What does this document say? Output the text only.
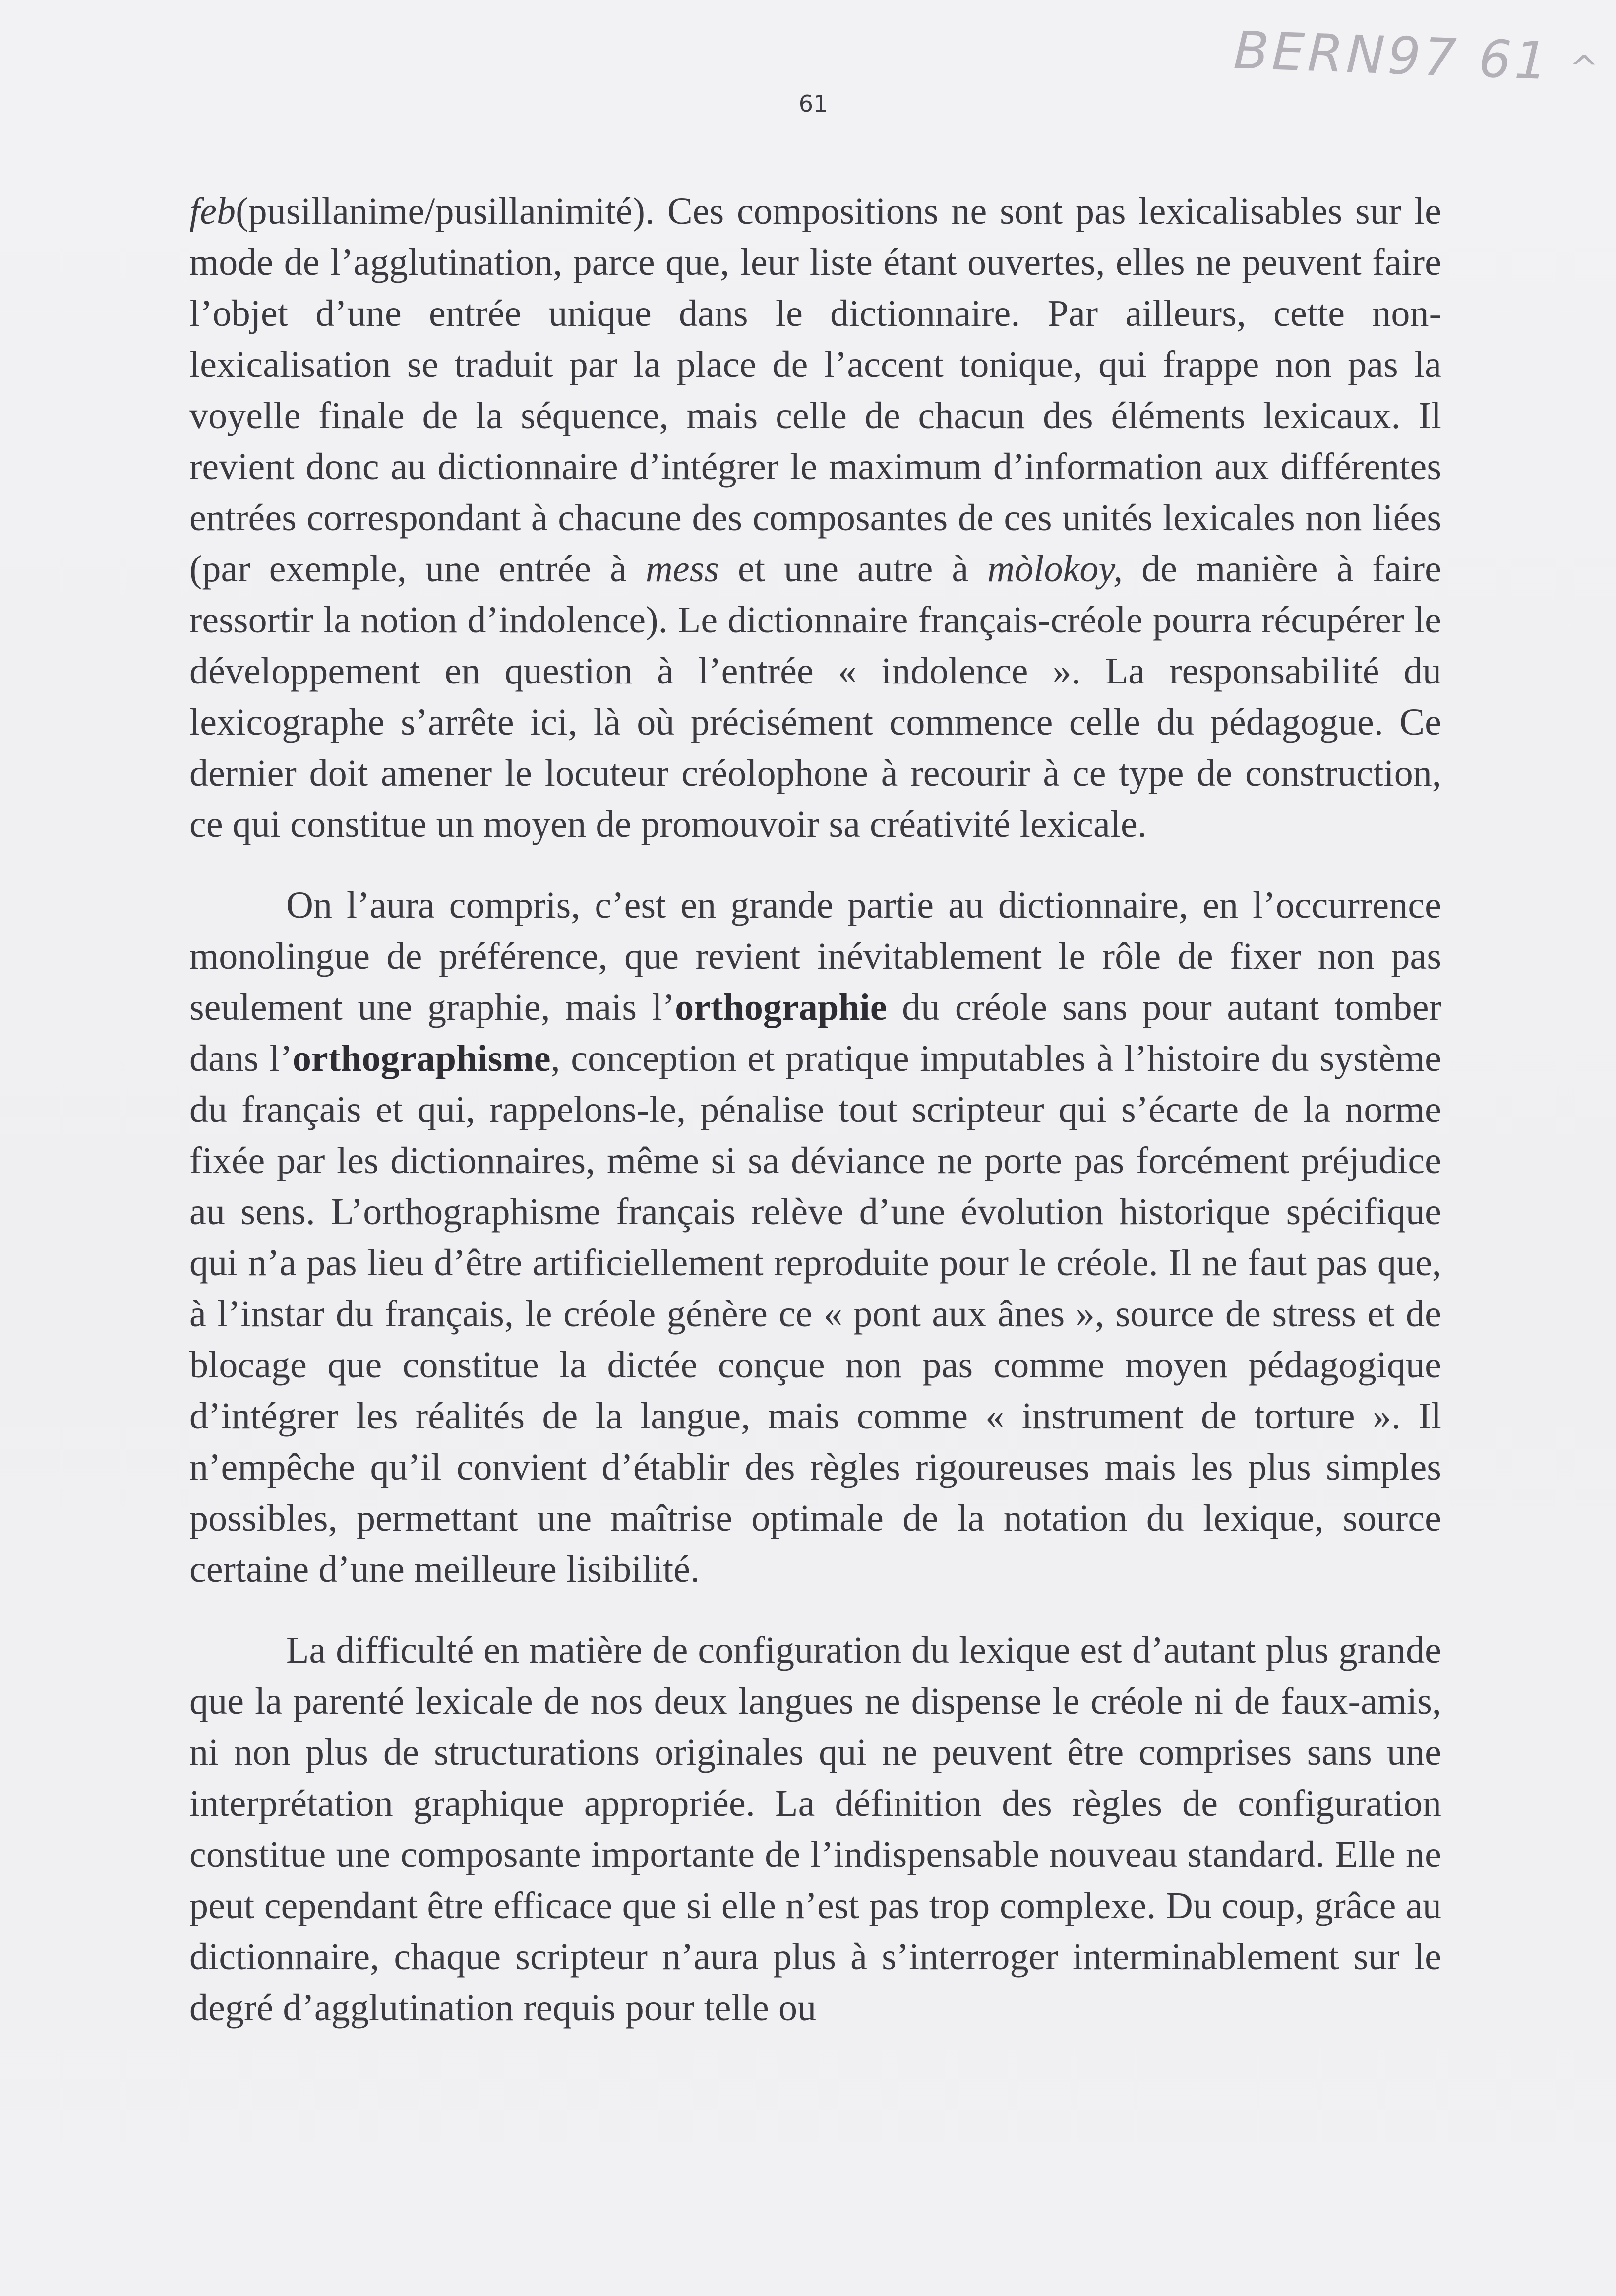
BERN97 61 ^
61

feb(pusillanime/pusillanimité). Ces compositions ne sont pas lexicalisables sur le mode de l’agglutination, parce que, leur liste étant ouvertes, elles ne peuvent faire l’objet d’une entrée unique dans le dictionnaire. Par ailleurs, cette non-lexicalisation se traduit par la place de l’accent tonique, qui frappe non pas la voyelle finale de la séquence, mais celle de chacun des éléments lexicaux. Il revient donc au dictionnaire d’intégrer le maximum d’information aux différentes entrées correspondant à chacune des composantes de ces unités lexicales non liées (par exemple, une entrée à mess et une autre à mòlokoy, de manière à faire ressortir la notion d’indolence). Le dictionnaire français-créole pourra récupérer le développement en question à l’entrée « indolence ». La responsabilité du lexicographe s’arrête ici, là où précisément commence celle du pédagogue. Ce dernier doit amener le locuteur créolophone à recourir à ce type de construction, ce qui constitue un moyen de promouvoir sa créativité lexicale.

On l’aura compris, c’est en grande partie au dictionnaire, en l’occurrence monolingue de préférence, que revient inévitablement le rôle de fixer non pas seulement une graphie, mais l’orthographie du créole sans pour autant tomber dans l’orthographisme, conception et pratique imputables à l’histoire du système du français et qui, rappelons-le, pénalise tout scripteur qui s’écarte de la norme fixée par les dictionnaires, même si sa déviance ne porte pas forcément préjudice au sens. L’orthographisme français relève d’une évolution historique spécifique qui n’a pas lieu d’être artificiellement reproduite pour le créole. Il ne faut pas que, à l’instar du français, le créole génère ce « pont aux ânes », source de stress et de blocage que constitue la dictée conçue non pas comme moyen pédagogique d’intégrer les réalités de la langue, mais comme « instrument de torture ». Il n’empêche qu’il convient d’établir des règles rigoureuses mais les plus simples possibles, permettant une maîtrise optimale de la notation du lexique, source certaine d’une meilleure lisibilité.

La difficulté en matière de configuration du lexique est d’autant plus grande que la parenté lexicale de nos deux langues ne dispense le créole ni de faux-amis, ni non plus de structurations originales qui ne peuvent être comprises sans une interprétation graphique appropriée. La définition des règles de configuration constitue une composante importante de l’indispensable nouveau standard. Elle ne peut cependant être efficace que si elle n’est pas trop complexe. Du coup, grâce au dictionnaire, chaque scripteur n’aura plus à s’interroger interminablement sur le degré d’agglutination requis pour telle ou
